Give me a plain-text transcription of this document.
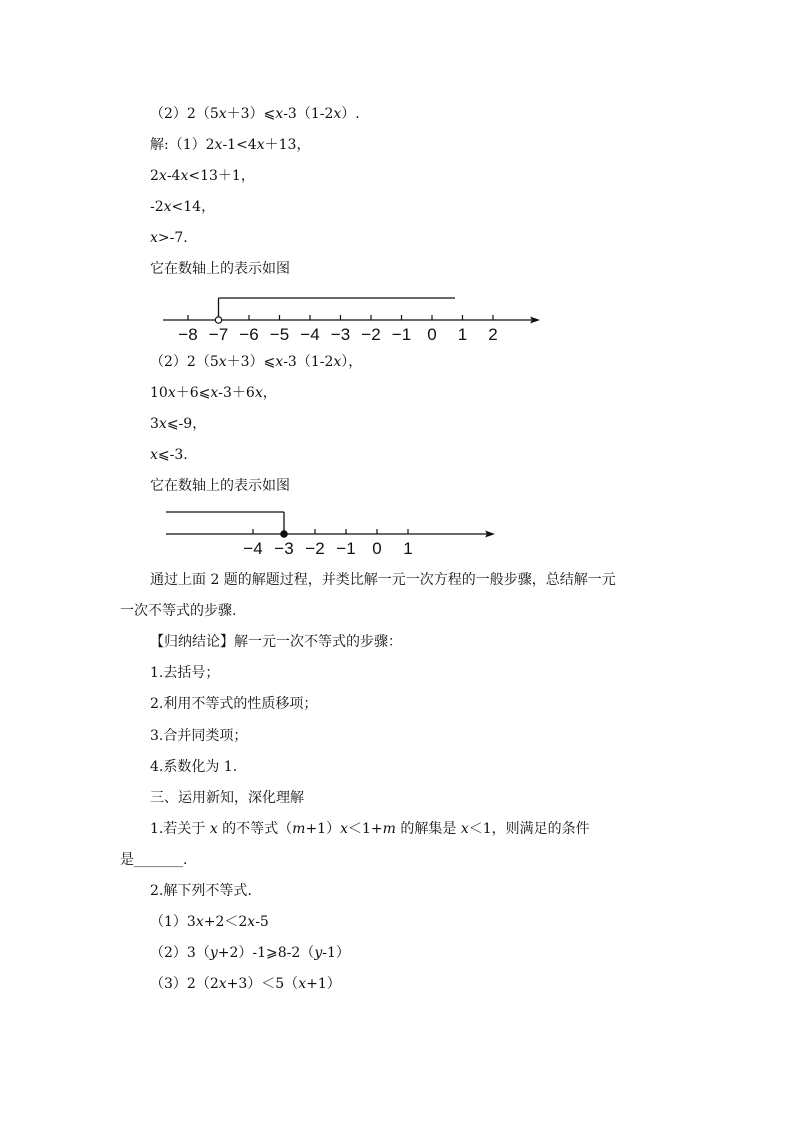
（2）2（5x＋3）⩽x-3（1-2x）.
解:（1）2x-1<4x＋13，
2x-4x<13＋1，
-2x<14，
x>-7.
它在数轴上的表示如图
−8 −7 −6 −5 −4 −3 −2 −1 0 1 2
（2）2（5x＋3）⩽x-3（1-2x），
10x＋6⩽x-3＋6x，
3x⩽-9，
x⩽-3.
它在数轴上的表示如图
−4 −3 −2 −1 0 1
通过上面 2 题的解题过程，并类比解一元一次方程的一般步骤，总结解一元
一次不等式的步骤.
【归纳结论】解一元一次不等式的步骤：
1.去括号；
2.利用不等式的性质移项；
3.合并同类项；
4.系数化为 1.
三、运用新知，深化理解
1.若关于 x 的不等式（m+1）x＜1+m 的解集是 x＜1，则满足的条件
是_______.
2.解下列不等式.
（1）3x+2＜2x-5
（2）3（y+2）-1⩾8-2（y-1）
（3）2（2x+3）＜5（x+1）
